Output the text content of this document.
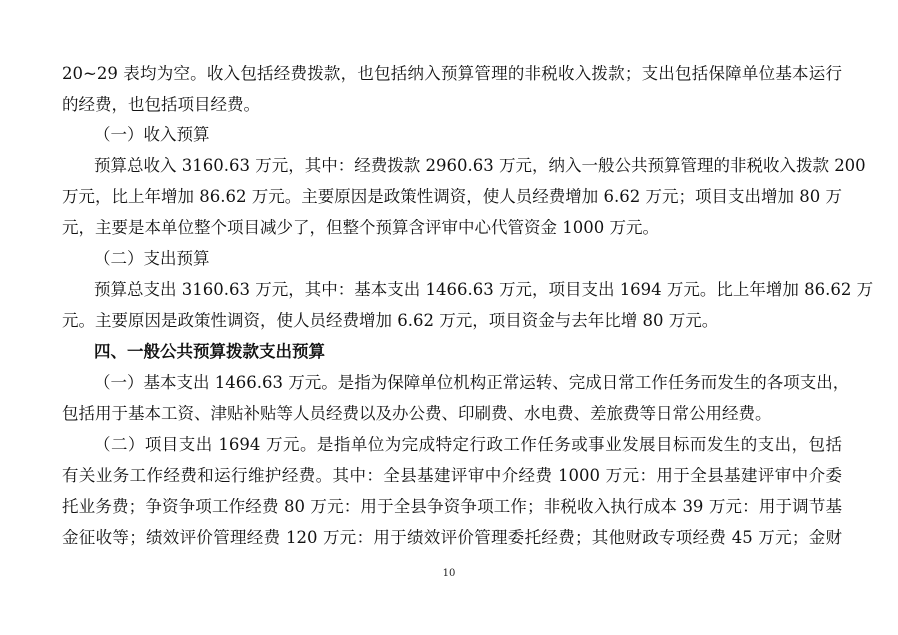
20~29 表均为空。收入包括经费拨款，也包括纳入预算管理的非税收入拨款；支出包括保障单位基本运行
的经费，也包括项目经费。
（一）收入预算
预算总收入 3160.63 万元，其中：经费拨款 2960.63 万元，纳入一般公共预算管理的非税收入拨款 200
万元，比上年增加 86.62 万元。主要原因是政策性调资，使人员经费增加 6.62 万元；项目支出增加 80 万
元，主要是本单位整个项目减少了，但整个预算含评审中心代管资金 1000 万元。
（二）支出预算
预算总支出 3160.63 万元，其中：基本支出 1466.63 万元，项目支出 1694 万元。比上年增加 86.62 万
元。主要原因是政策性调资，使人员经费增加 6.62 万元，项目资金与去年比增 80 万元。
四、一般公共预算拨款支出预算
（一）基本支出 1466.63 万元。是指为保障单位机构正常运转、完成日常工作任务而发生的各项支出，
包括用于基本工资、津贴补贴等人员经费以及办公费、印刷费、水电费、差旅费等日常公用经费。
（二）项目支出 1694 万元。是指单位为完成特定行政工作任务或事业发展目标而发生的支出，包括
有关业务工作经费和运行维护经费。其中：全县基建评审中介经费 1000 万元：用于全县基建评审中介委
托业务费；争资争项工作经费 80 万元：用于全县争资争项工作；非税收入执行成本 39 万元：用于调节基
金征收等；绩效评价管理经费 120 万元：用于绩效评价管理委托经费；其他财政专项经费 45 万元；金财
10
